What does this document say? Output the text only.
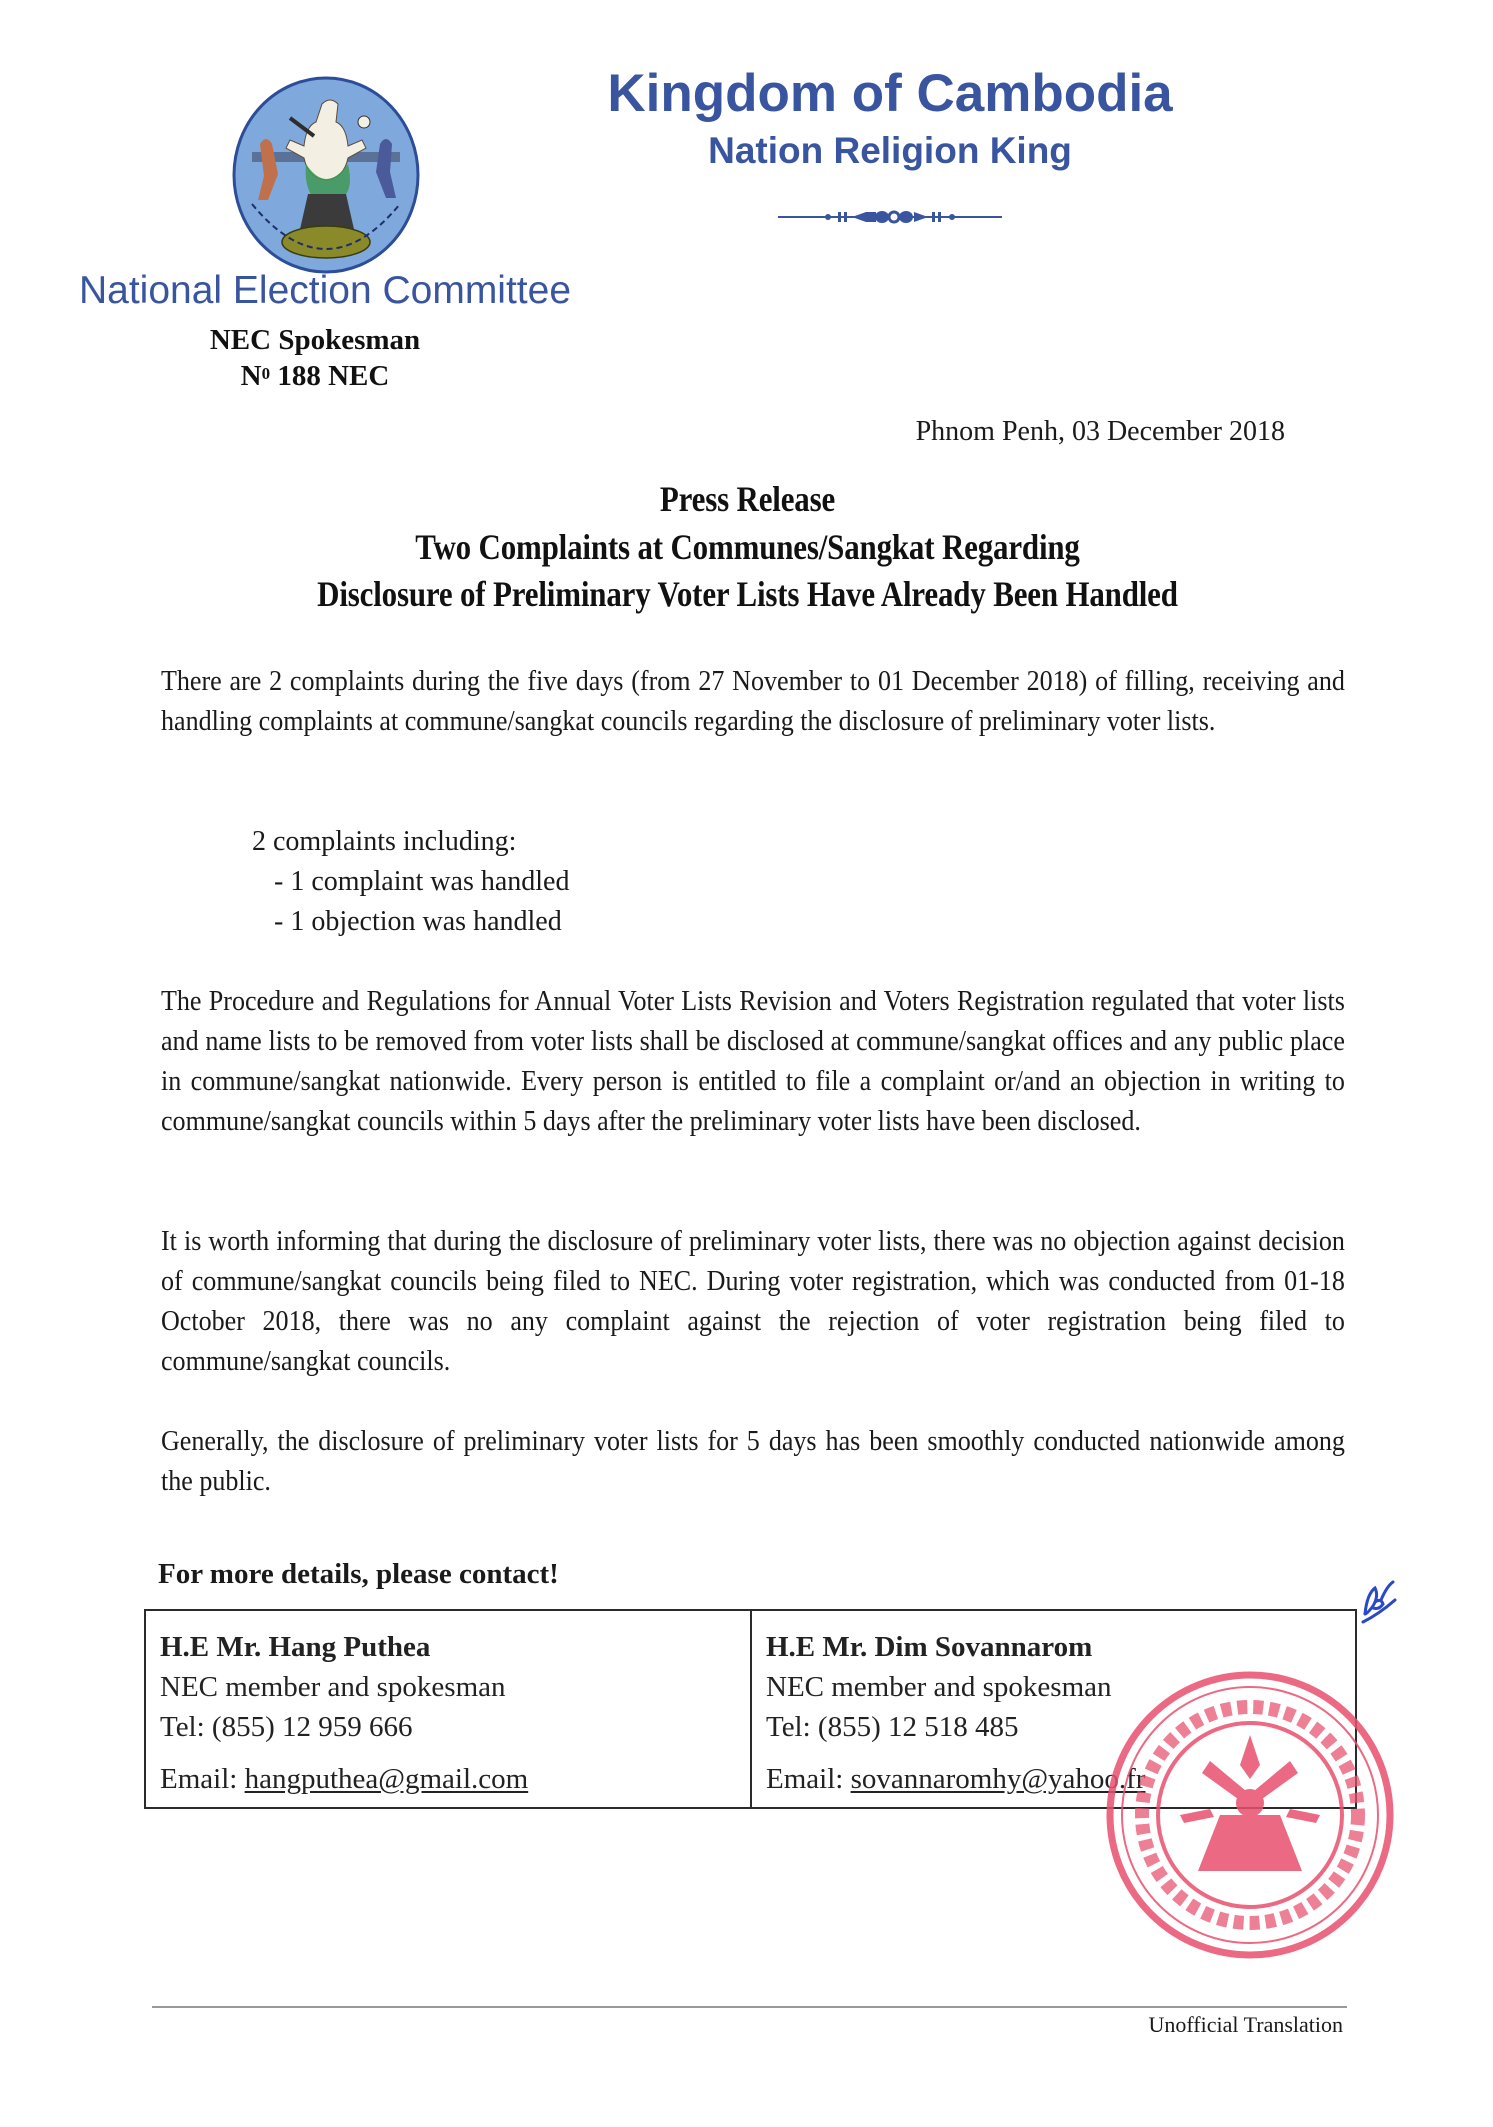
National Election Committee
NEC Spokesman
$N^0$ 188 NEC
Kingdom of Cambodia
Nation Religion King
Phnom Penh, 03 December 2018
Press Release
Two Complaints at Communes/Sangkat Regarding
Disclosure of Preliminary Voter Lists Have Already Been Handled
There are 2 complaints during the five days (from 27 November to 01 December 2018) of filling, receiving and handling complaints at commune/sangkat councils regarding the disclosure of preliminary voter lists.
2 complaints including:
- 1 complaint was handled
- 1 objection was handled
The Procedure and Regulations for Annual Voter Lists Revision and Voters Registration regulated that voter lists and name lists to be removed from voter lists shall be disclosed at commune/sangkat offices and any public place in commune/sangkat nationwide. Every person is entitled to file a complaint or/and an objection in writing to commune/sangkat councils within 5 days after the preliminary voter lists have been disclosed.
It is worth informing that during the disclosure of preliminary voter lists, there was no objection against decision of commune/sangkat councils being filed to NEC. During voter registration, which was conducted from 01-18 October 2018, there was no any complaint against the rejection of voter registration being filed to commune/sangkat councils.
Generally, the disclosure of preliminary voter lists for 5 days has been smoothly conducted nationwide among the public.
For more details, please contact!
H.E Mr. Hang Puthea
NEC member and spokesman
Tel: (855) 12 959 666
Email: hangputhea@gmail.com
H.E Mr. Dim Sovannarom
NEC member and spokesman
Tel: (855) 12 518 485
Email: sovannaromhy@yahoo.fr
Unofficial Translation
